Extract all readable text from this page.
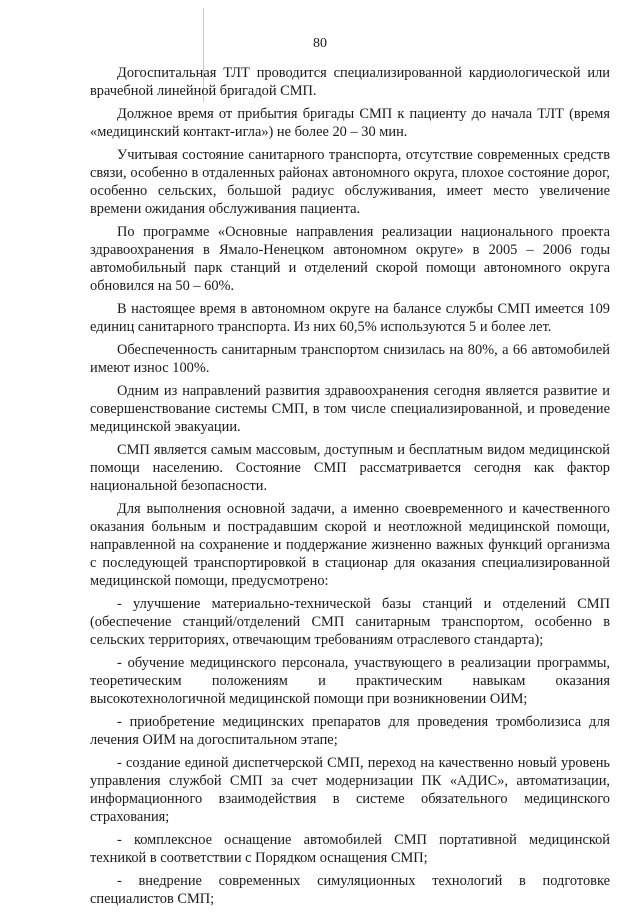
80

Догоспитальная ТЛТ проводится специализированной кардиологической или врачебной линейной бригадой СМП.

Должное время от прибытия бригады СМП к пациенту до начала ТЛТ (время «медицинский контакт-игла») не более 20 – 30 мин.

Учитывая состояние санитарного транспорта, отсутствие современных средств связи, особенно в отдаленных районах автономного округа, плохое состояние дорог, особенно сельских, большой радиус обслуживания, имеет место увеличение времени ожидания обслуживания пациента.

По программе «Основные направления реализации национального проекта здравоохранения в Ямало-Ненецком автономном округе» в 2005 – 2006 годы автомобильный парк станций и отделений скорой помощи автономного округа обновился на 50 – 60%.

В настоящее время в автономном округе на балансе службы СМП имеется 109 единиц санитарного транспорта. Из них 60,5% используются 5 и более лет.

Обеспеченность санитарным транспортом снизилась на 80%, а 66 автомобилей имеют износ 100%.

Одним из направлений развития здравоохранения сегодня является развитие и совершенствование системы СМП, в том числе специализированной, и проведение медицинской эвакуации.

СМП является самым массовым, доступным и бесплатным видом медицинской помощи населению. Состояние СМП рассматривается сегодня как фактор национальной безопасности.

Для выполнения основной задачи, а именно своевременного и качественного оказания больным и пострадавшим скорой и неотложной медицинской помощи, направленной на сохранение и поддержание жизненно важных функций организма с последующей транспортировкой в стационар для оказания специализированной медицинской помощи, предусмотрено:

- улучшение материально-технической базы станций и отделений СМП (обеспечение станций/отделений СМП санитарным транспортом, особенно в сельских территориях, отвечающим требованиям отраслевого стандарта);

- обучение медицинского персонала, участвующего в реализации программы, теоретическим положениям и практическим навыкам оказания высокотехнологичной медицинской помощи при возникновении ОИМ;

- приобретение медицинских препаратов для проведения тромболизиса для лечения ОИМ на догоспитальном этапе;

- создание единой диспетчерской СМП, переход на качественно новый уровень управления службой СМП за счет модернизации ПК «АДИС», автоматизации, информационного взаимодействия в системе обязательного медицинского страхования;

- комплексное оснащение автомобилей СМП портативной медицинской техникой в соответствии с Порядком оснащения СМП;

- внедрение современных симуляционных технологий в подготовке специалистов СМП;
